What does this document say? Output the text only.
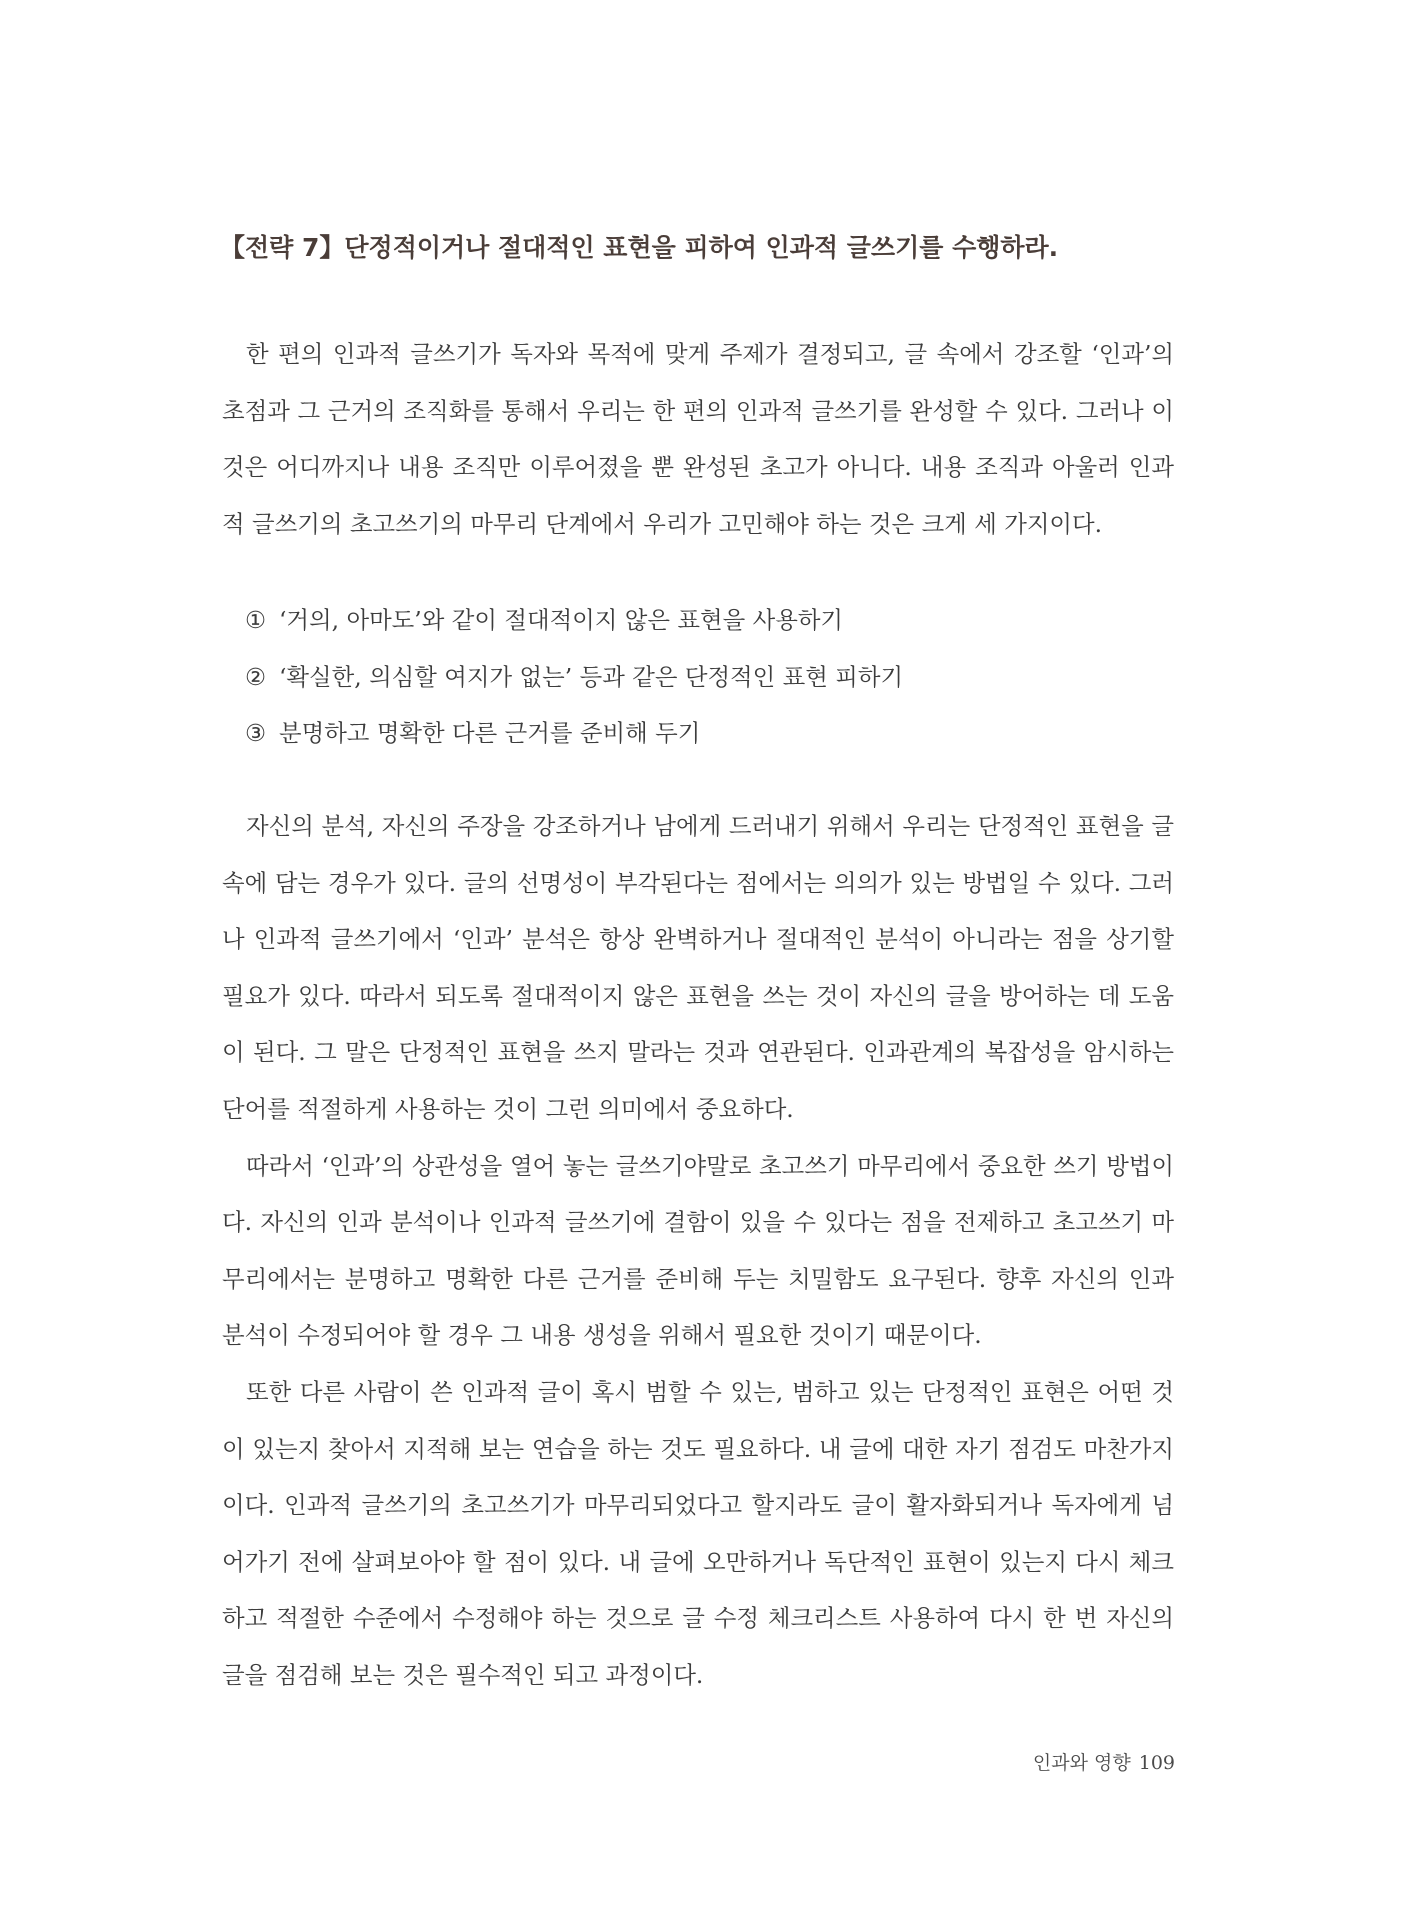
【전략 7】단정적이거나 절대적인 표현을 피하여 인과적 글쓰기를 수행하라.

한 편의 인과적 글쓰기가 독자와 목적에 맞게 주제가 결정되고, 글 속에서 강조할 ‘인과’의 초점과 그 근거의 조직화를 통해서 우리는 한 편의 인과적 글쓰기를 완성할 수 있다. 그러나 이것은 어디까지나 내용 조직만 이루어졌을 뿐 완성된 초고가 아니다. 내용 조직과 아울러 인과적 글쓰기의 초고쓰기의 마무리 단계에서 우리가 고민해야 하는 것은 크게 세 가지이다.

① ‘거의, 아마도’와 같이 절대적이지 않은 표현을 사용하기
② ‘확실한, 의심할 여지가 없는’ 등과 같은 단정적인 표현 피하기
③ 분명하고 명확한 다른 근거를 준비해 두기

자신의 분석, 자신의 주장을 강조하거나 남에게 드러내기 위해서 우리는 단정적인 표현을 글 속에 담는 경우가 있다. 글의 선명성이 부각된다는 점에서는 의의가 있는 방법일 수 있다. 그러나 인과적 글쓰기에서 ‘인과’ 분석은 항상 완벽하거나 절대적인 분석이 아니라는 점을 상기할 필요가 있다. 따라서 되도록 절대적이지 않은 표현을 쓰는 것이 자신의 글을 방어하는 데 도움이 된다. 그 말은 단정적인 표현을 쓰지 말라는 것과 연관된다. 인과관계의 복잡성을 암시하는 단어를 적절하게 사용하는 것이 그런 의미에서 중요하다.

따라서 ‘인과’의 상관성을 열어 놓는 글쓰기야말로 초고쓰기 마무리에서 중요한 쓰기 방법이다. 자신의 인과 분석이나 인과적 글쓰기에 결함이 있을 수 있다는 점을 전제하고 초고쓰기 마무리에서는 분명하고 명확한 다른 근거를 준비해 두는 치밀함도 요구된다. 향후 자신의 인과 분석이 수정되어야 할 경우 그 내용 생성을 위해서 필요한 것이기 때문이다.

또한 다른 사람이 쓴 인과적 글이 혹시 범할 수 있는, 범하고 있는 단정적인 표현은 어떤 것이 있는지 찾아서 지적해 보는 연습을 하는 것도 필요하다. 내 글에 대한 자기 점검도 마찬가지이다. 인과적 글쓰기의 초고쓰기가 마무리되었다고 할지라도 글이 활자화되거나 독자에게 넘어가기 전에 살펴보아야 할 점이 있다. 내 글에 오만하거나 독단적인 표현이 있는지 다시 체크하고 적절한 수준에서 수정해야 하는 것으로 글 수정 체크리스트 사용하여 다시 한 번 자신의 글을 점검해 보는 것은 필수적인 되고 과정이다.

인과와 영향 109
